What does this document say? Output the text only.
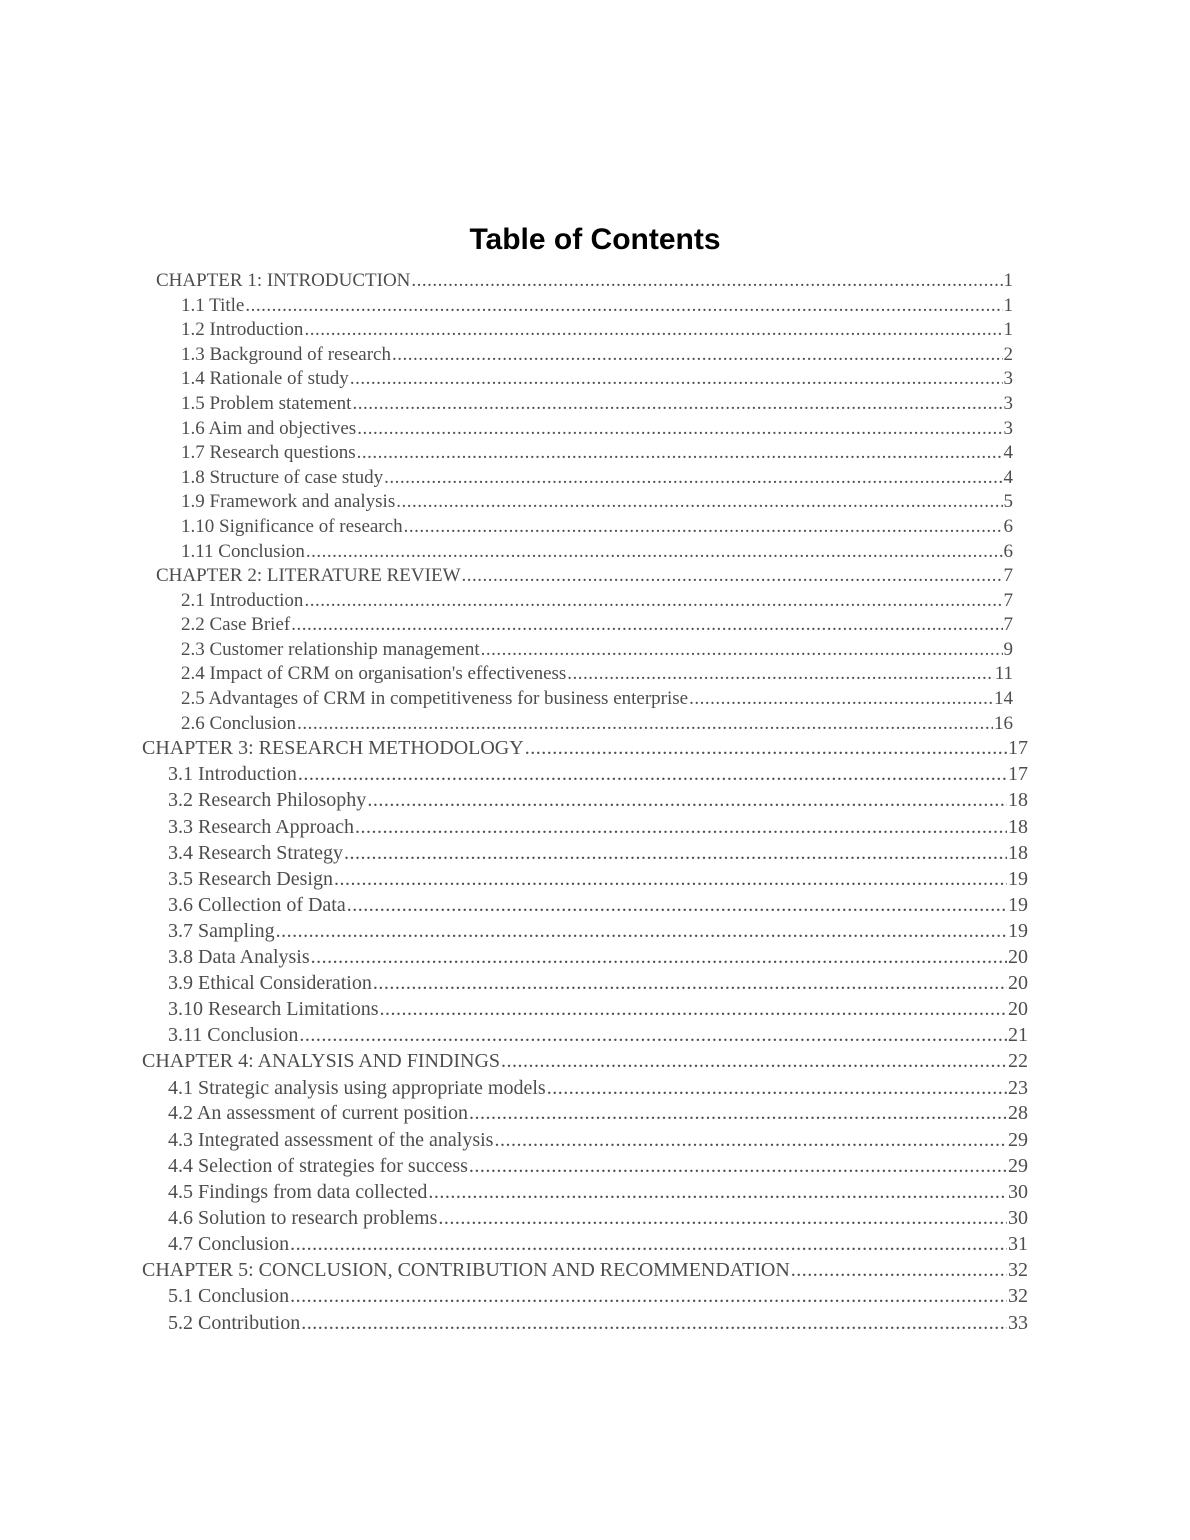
Table of Contents
CHAPTER 1: INTRODUCTION .....	1
1.1 Title .....	1
1.2 Introduction .....	1
1.3 Background of research .....	2
1.4 Rationale of study .....	3
1.5 Problem statement .....	3
1.6 Aim and objectives .....	3
1.7 Research questions .....	4
1.8 Structure of case study .....	4
1.9 Framework and analysis .....	5
1.10 Significance of research .....	6
1.11 Conclusion .....	6
CHAPTER 2: LITERATURE REVIEW .....	7
2.1 Introduction .....	7
2.2 Case Brief .....	7
2.3 Customer relationship management .....	9
2.4 Impact of CRM on organisation's effectiveness .....	11
2.5 Advantages of CRM in competitiveness for business enterprise .....	14
2.6 Conclusion .....	16
CHAPTER 3: RESEARCH METHODOLOGY .....	17
3.1 Introduction .....	17
3.2 Research Philosophy .....	18
3.3 Research Approach .....	18
3.4 Research Strategy .....	18
3.5 Research Design .....	19
3.6 Collection of Data .....	19
3.7 Sampling .....	19
3.8 Data Analysis .....	20
3.9 Ethical Consideration .....	20
3.10 Research Limitations .....	20
3.11 Conclusion .....	21
CHAPTER 4: ANALYSIS AND FINDINGS .....	22
4.1 Strategic analysis using appropriate models .....	23
4.2 An assessment of current position .....	28
4.3 Integrated assessment of the analysis .....	29
4.4 Selection of strategies for success .....	29
4.5 Findings from data collected .....	30
4.6 Solution to research problems .....	30
4.7 Conclusion .....	31
CHAPTER 5: CONCLUSION, CONTRIBUTION AND RECOMMENDATION .....	32
5.1 Conclusion .....	32
5.2 Contribution .....	33
